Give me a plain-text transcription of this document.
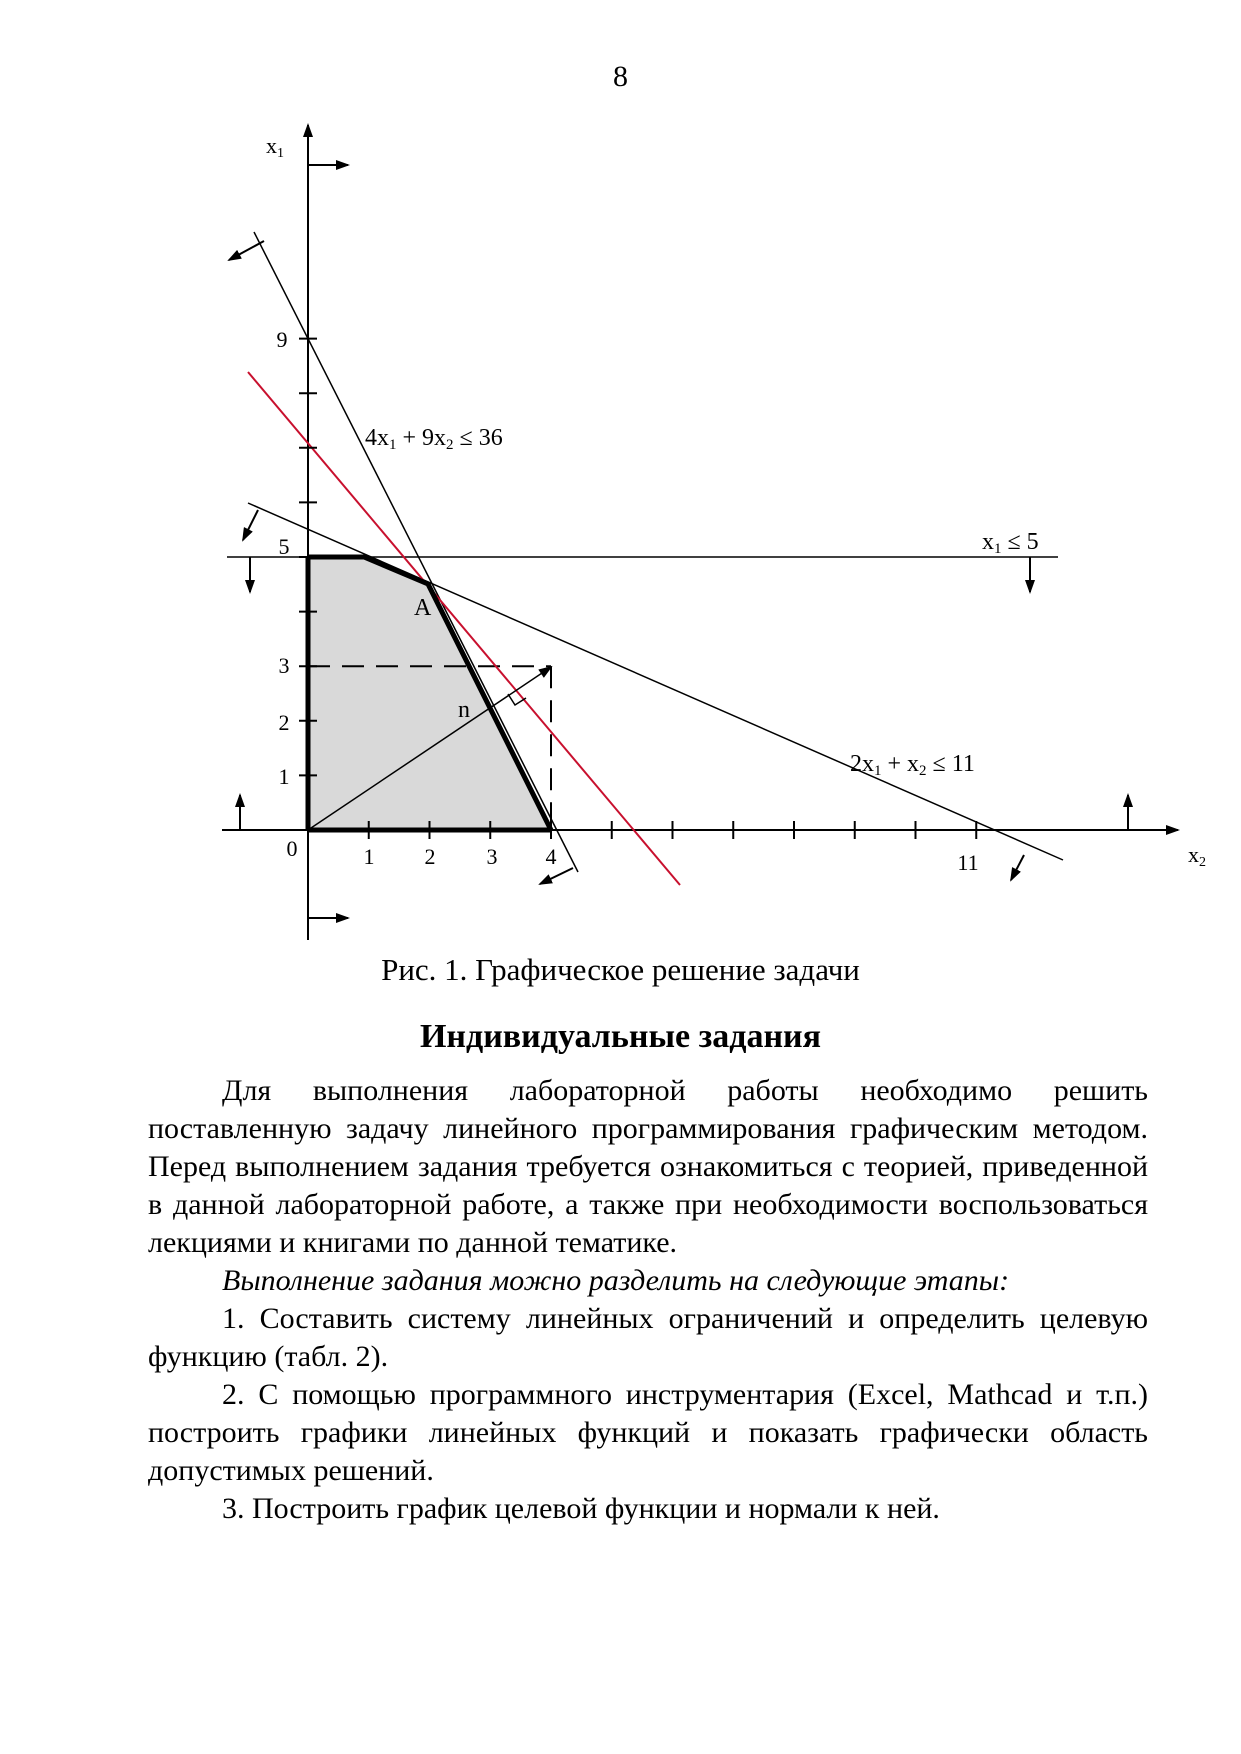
8
0	1 2 3 4	11
1
2
3
5
9
x1
x2
4x1 + 9x2 ≤ 36
2x1 + x2 ≤ 11
x1 ≤ 5
A
n
Рис. 1. Графическое решение задачи
Индивидуальные задания

Для выполнения лабораторной работы необходимо решить поставленную задачу линейного программирования графическим методом. Перед выполнением задания требуется ознакомиться с теорией, приведенной в данной лабораторной работе, а также при необходимости воспользоваться лекциями и книгами по данной тематике.

Выполнение задания можно разделить на следующие этапы:

1. Составить систему линейных ограничений и определить целевую функцию (табл. 2).

2. С помощью программного инструментария (Excel, Mathcad и т.п.) построить графики линейных функций и показать графически область допустимых решений.

3. Построить график целевой функции и нормали к ней.
